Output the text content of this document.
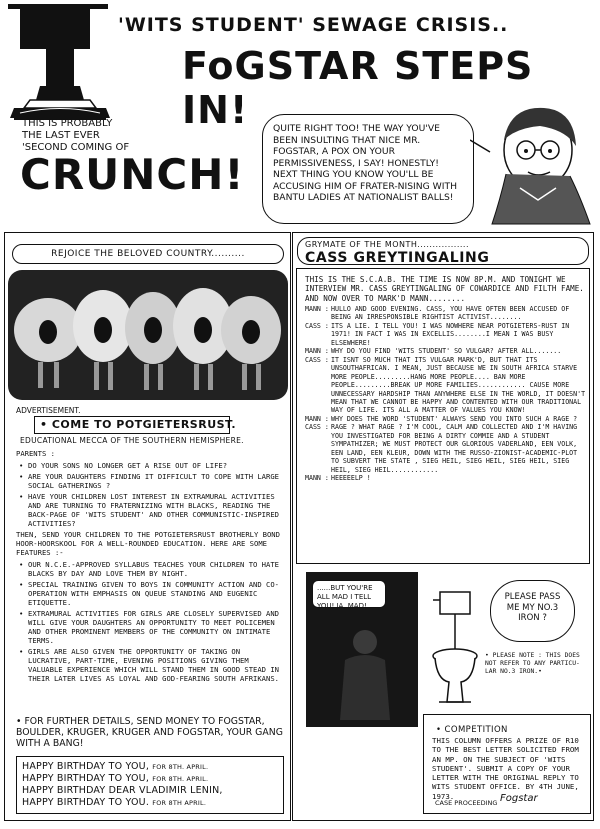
'WITS STUDENT' SEWAGE CRISIS..
FoGSTAR STEPS IN!
THIS IS PROBABLY
THE LAST EVER
'SECOND COMING OF
CRUNCH!
QUITE RIGHT TOO! THE WAY YOU'VE BEEN INSULTING THAT NICE MR. FOGSTAR, A POX ON YOUR PERMISSIVENESS, I SAY! HONESTLY! NEXT THING YOU KNOW YOU'LL BE ACCUSING HIM OF FRATER-NISING WITH BANTU LADIES AT NATIONALIST BALLS!
REJOICE THE BELOVED COUNTRY..........
ADVERTISEMENT.
• COME TO POTGIETERSRUST.
EDUCATIONAL MECCA OF THE SOUTHERN HEMISPHERE.

PARENTS :

• DO YOUR SONS NO LONGER GET A RISE OUT OF LIFE?
• ARE YOUR DAUGHTERS FINDING IT DIFFICULT TO COPE WITH LARGE SOCIAL GATHERINGS ?
• HAVE YOUR CHILDREN LOST INTEREST IN EXTRAMURAL ACTIVITIES AND ARE TURNING TO FRATERNIZING WITH BLACKS, READING THE BACK-PAGE OF 'WITS STUDENT' AND OTHER COMMUNISTIC-INSPIRED ACTIVITIES?

THEN, SEND YOUR CHILDREN TO THE POTGIETERSRUST BROTHERLY BOND HOOR-HOORSKOOL FOR A WELL-ROUNDED EDUCATION. HERE ARE SOME FEATURES :-

• OUR N.C.E.-APPROVED SYLLABUS TEACHES YOUR CHILDREN TO HATE BLACKS BY DAY AND LOVE THEM BY NIGHT.
• SPECIAL TRAINING GIVEN TO BOYS IN COMMUNITY ACTION AND CO-OPERATION WITH EMPHASIS ON QUEUE STANDING AND EUGENIC ETIQUETTE.
• EXTRAMURAL ACTIVITIES FOR GIRLS ARE CLOSELY SUPERVISED AND WILL GIVE YOUR DAUGHTERS AN OPPORTUNITY TO MEET POLICEMEN AND OTHER PROMINENT MEMBERS OF THE COMMUNITY ON INTIMATE TERMS.
• GIRLS ARE ALSO GIVEN THE OPPORTUNITY OF TAKING ON LUCRATIVE, PART-TIME, EVENING POSITIONS GIVING THEM VALUABLE EXPERIENCE WHICH WILL STAND THEM IN GOOD STEAD IN THEIR LATER LIVES AS LOYAL AND GOD-FEARING SOUTH AFRIKANS.
• FOR FURTHER DETAILS, SEND MONEY TO FOGSTAR, BOULDER, KRUGER, KRUGER AND FOGSTAR, YOUR GANG WITH A BANG!
HAPPY BIRTHDAY TO YOU, FOR 8TH. APRIL.
HAPPY BIRTHDAY TO YOU, FOR 8TH. APRIL.
HAPPY BIRTHDAY DEAR VLADIMIR LENIN,
HAPPY BIRTHDAY TO YOU. FOR 8TH APRIL.
GRYMATE OF THE MONTH.................
CASS GREYTINGALING
THIS IS THE S.C.A.B. THE TIME IS NOW 8P.M. AND TONIGHT WE INTERVIEW MR. CASS GREYTINGALING OF COWARDICE AND FILTH FAME. AND NOW OVER TO MARK'D MANN........
MANN : HULLO AND GOOD EVENING. CASS, YOU HAVE OFTEN BEEN ACCUSED OF BEING AN IRRESPONSIBLE RIGHTIST ACTIVIST........
CASS : ITS A LIE. I TELL YOU! I WAS NOWHERE NEAR POTGIETERS-RUST IN 1971! IN FACT I WAS IN EXCELLIS........I MEAN I WAS BUSY ELSEWHERE!
MANN : WHY DO YOU FIND 'WITS STUDENT' SO VULGAR? AFTER ALL.......
CASS : IT ISNT SO MUCH THAT ITS VULGAR MARK'D, BUT THAT ITS UNSOUTHAFRICAN. I MEAN, JUST BECAUSE WE IN SOUTH AFRICA STARVE MORE PEOPLE.........HANG MORE PEOPLE.... BAN MORE PEOPLE.........BREAK UP MORE FAMILIES............ CAUSE MORE UNNECESSARY HARDSHIP THAN ANYWHERE ELSE IN THE WORLD, IT DOESN'T MEAN THAT WE CANNOT BE HAPPY AND CONTENTED WITH OUR TRADITIONAL WAY OF LIFE. ITS ALL A MATTER OF VALUES YOU KNOW!
MANN : WHY DOES THE WORD 'STUDENT' ALWAYS SEND YOU INTO SUCH A RAGE ?
CASS : RAGE ? WHAT RAGE ? I'M COOL, CALM AND COLLECTED AND I'M HAVING YOU INVESTIGATED FOR BEING A DIRTY COMMIE AND A STUDENT SYMPATHIZER; WE MUST PROTECT OUR GLORIOUS VADERLAND, EEN VOLK, EEN LAND, EEN KLEUR, DOWN WITH THE RUSSO-ZIONIST-ACADEMIC-PLOT TO SUBVERT THE STATE , SIEG HEIL, SIEG HEIL, SIEG HEIL, SIEG HEIL, SIEG HEIL............
MANN : HEEEEELP !
......BUT YOU'RE ALL MAD I TELL YOU! JA, MAD!
PLEASE PASS ME MY NO.3 IRON ?
• PLEASE NOTE : THIS DOES NOT REFER TO ANY PARTICU-LAR NO.3 IRON.•
• COMPETITION
THIS COLUMN OFFERS A PRIZE OF R10 TO THE BEST LETTER SOLICITED FROM AN MP. ON THE SUBJECT OF 'WITS STUDENT'. SUBMIT A COPY OF YOUR LETTER WITH THE ORIGINAL REPLY TO WITS STUDENT OFFICE. BY 4TH JUNE, 1973.
CASE PROCEEDING Fogstar
